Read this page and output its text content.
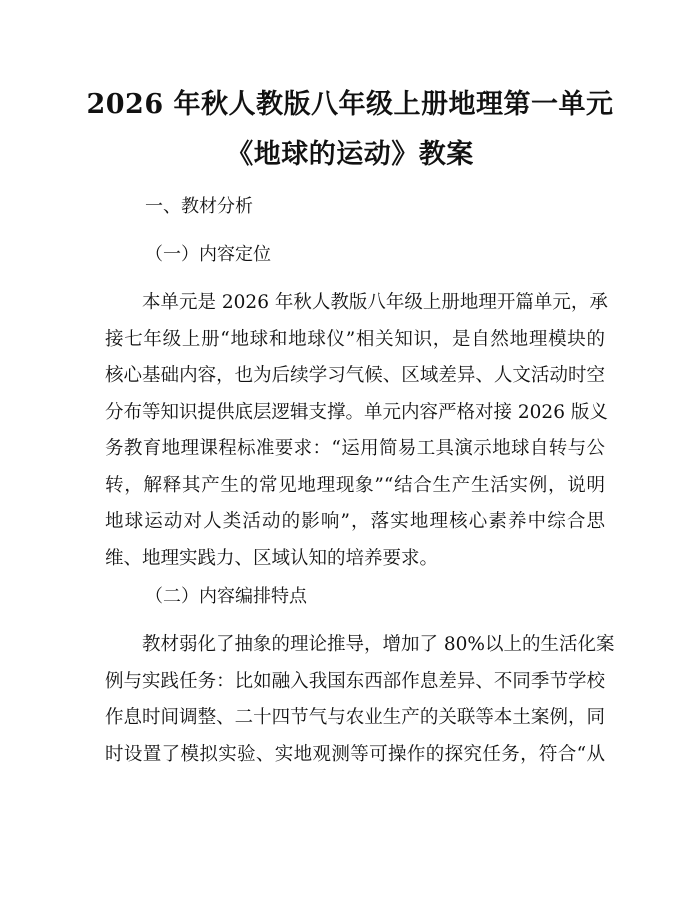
2026 年秋人教版八年级上册地理第一单元
《地球的运动》教案
一、教材分析
（一）内容定位
本单元是 2026 年秋人教版八年级上册地理开篇单元，承
接七年级上册“地球和地球仪”相关知识，是自然地理模块的
核心基础内容，也为后续学习气候、区域差异、人文活动时空
分布等知识提供底层逻辑支撑。单元内容严格对接 2026 版义
务教育地理课程标准要求：“运用简易工具演示地球自转与公
转，解释其产生的常见地理现象”“结合生产生活实例，说明
地球运动对人类活动的影响”，落实地理核心素养中综合思
维、地理实践力、区域认知的培养要求。
（二）内容编排特点
教材弱化了抽象的理论推导，增加了 80%以上的生活化案
例与实践任务：比如融入我国东西部作息差异、不同季节学校
作息时间调整、二十四节气与农业生产的关联等本土案例，同
时设置了模拟实验、实地观测等可操作的探究任务，符合“从
